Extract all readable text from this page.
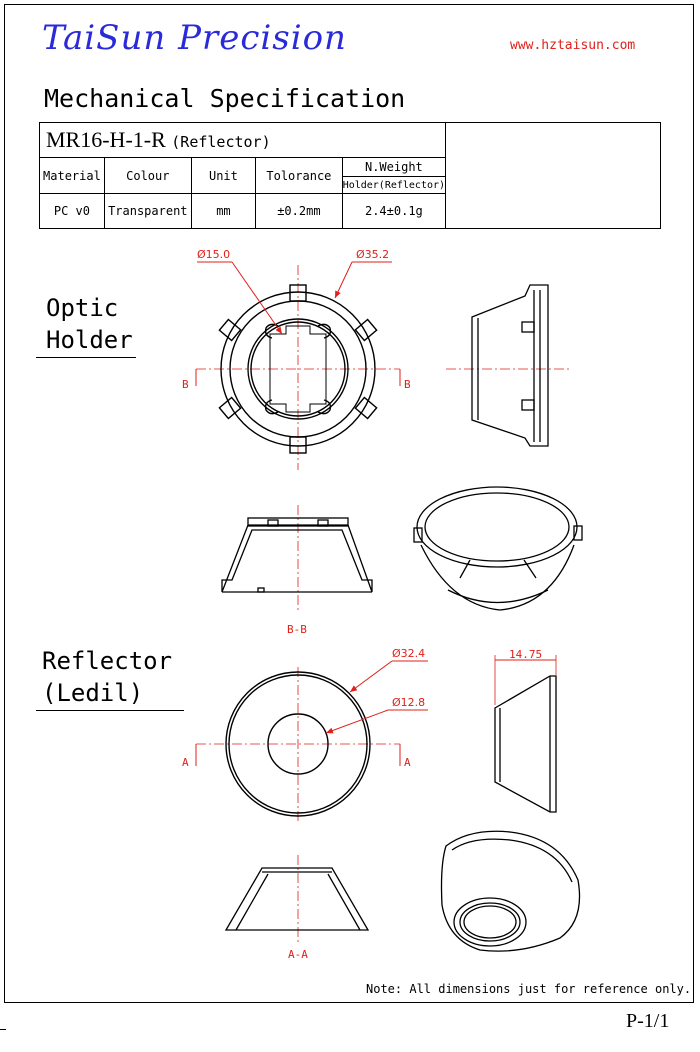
TaiSun Precision	www.hztaisun.com
Mechanical Specification
MR16-H-1-R (Reflector)					
Material	Colour	Unit	Tolorance	N.Weight	
				Holder(Reflector)	
PC v0	Transparent	mm	±0.2mm	2.4±0.1g	
Optic
Holder
Reflector
(Ledil)
B	B
Ø15.0	Ø35.2
B-B
A	A
Ø32.4
Ø12.8
14.75
A-A
Note: All dimensions just for reference only.
P-1/1
